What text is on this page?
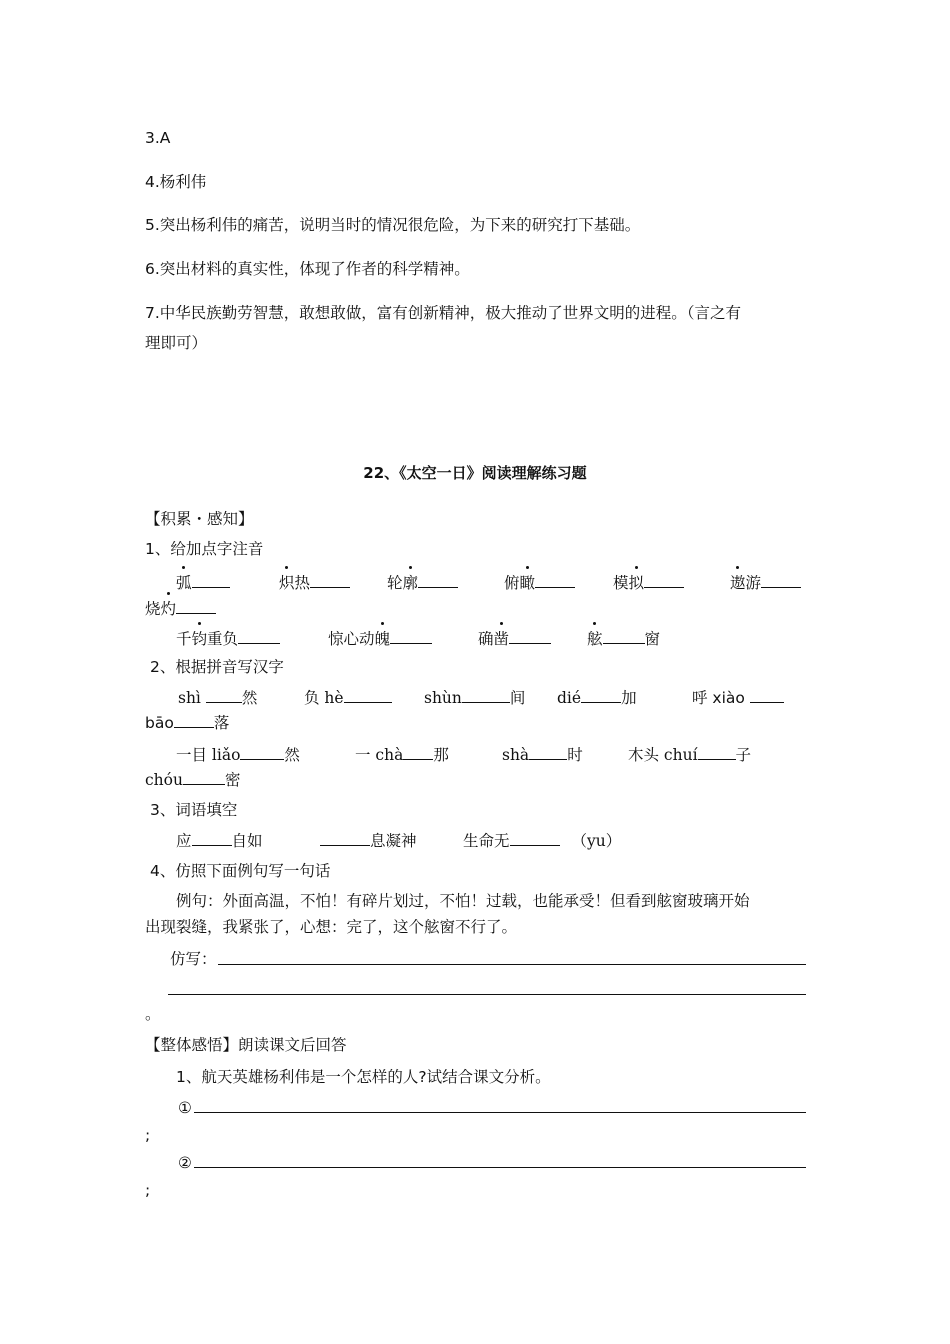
3.A
4.杨利伟
5.突出杨利伟的痛苦，说明当时的情况很危险，为下来的研究打下基础。
6.突出材料的真实性，体现了作者的科学精神。
7.中华民族勤劳智慧，敢想敢做，富有创新精神，极大推动了世界文明的进程。（言之有
理即可）
22、《太空一日》阅读理解练习题
【积累・感知】
1、给加点字注音
弧	炽热	轮廓	俯瞰	模拟	遨游
烧灼
千钧重负	惊心动魄	确凿	舷	窗
2、根据拼音写汉字
shì	然	负 hè	shùn	间 dié	加	呼 xiào
bāo	落
一目 liǎo	然	一 chà 那	shà 时	木头 chuí 子
chóu	密
3、词语填空
应	自如	息凝神	生命无	（yu）
4、仿照下面例句写一句话
例句：外面高温，不怕！有碎片划过，不怕！过载，也能承受！但看到舷窗玻璃开始
出现裂缝，我紧张了，心想：完了，这个舷窗不行了。
仿写：
。
【整体感悟】朗读课文后回答
1、航天英雄杨利伟是一个怎样的人?试结合课文分析。
①
;
②
;
